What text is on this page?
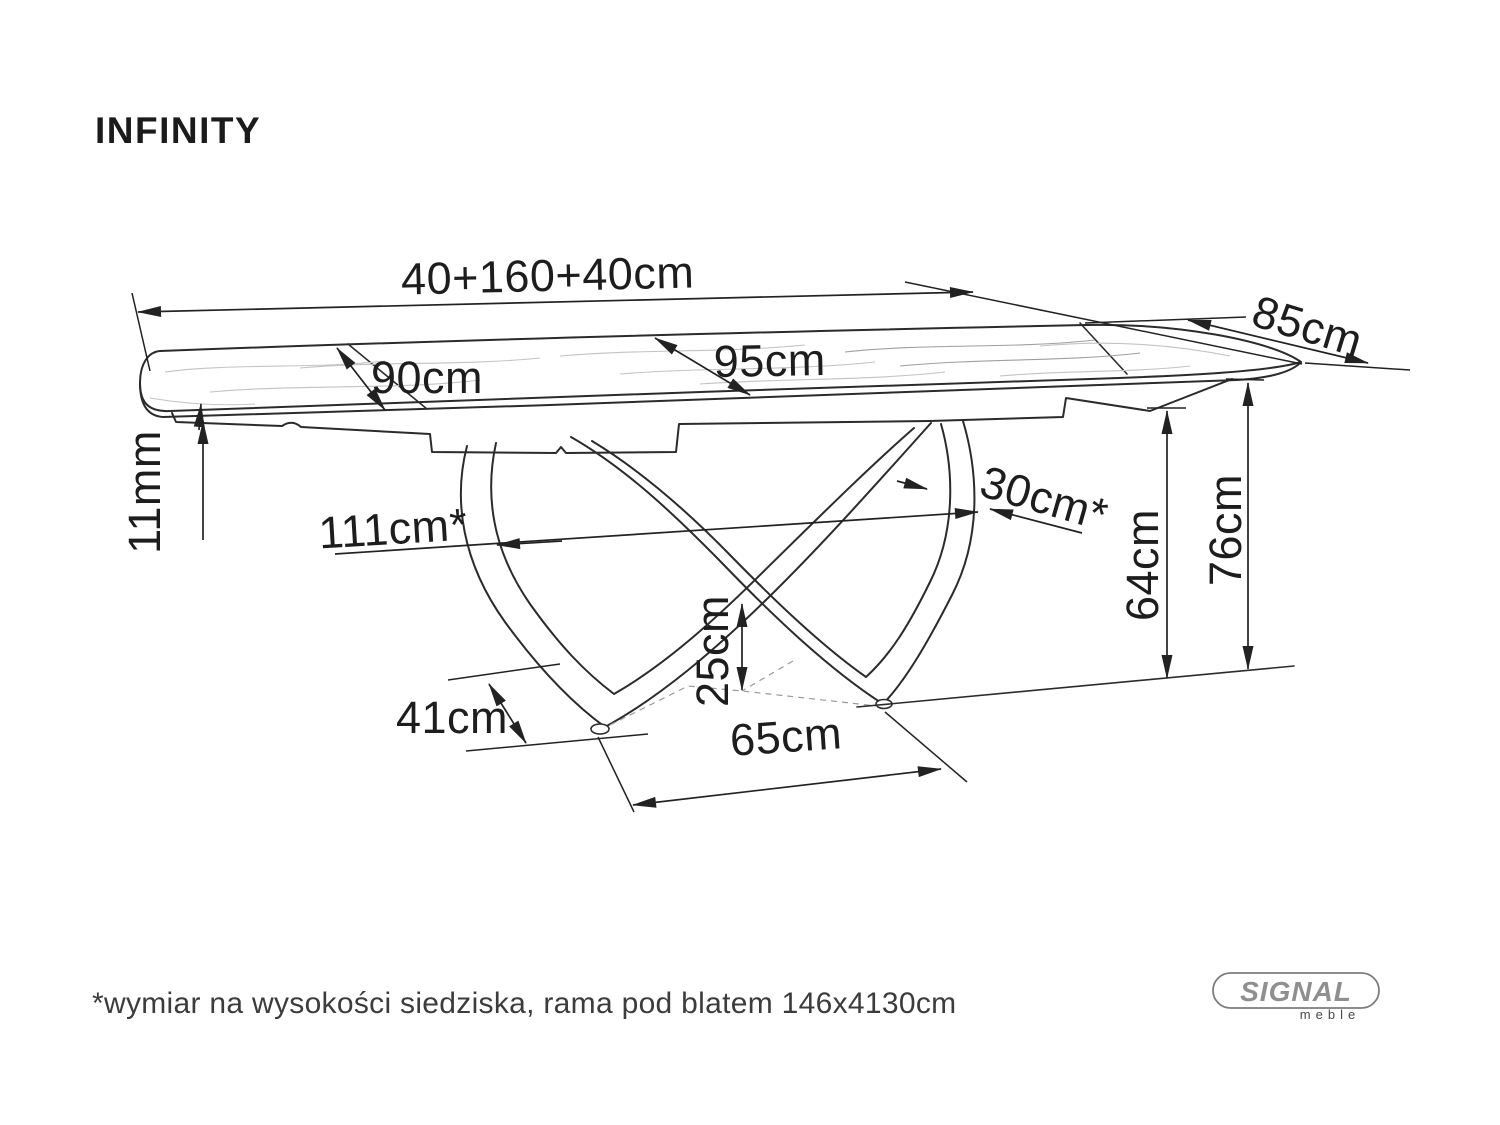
40+160+40cm
85cm
95cm
90cm
11mm	111cm*	30cm*
64cm 76cm
25cm
41cm	65cm
INFINITY
*wymiar na wysokości siedziska, rama pod blatem 146x4130cm	SIGNAL
meble
